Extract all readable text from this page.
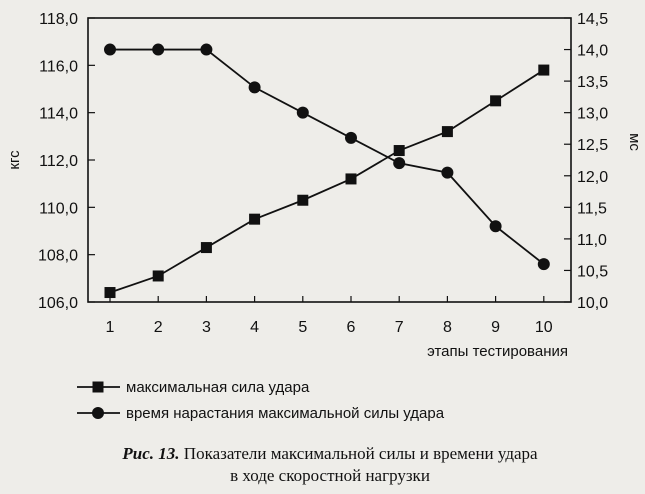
106,0
108,0
110,0
112,0
114,0
116,0
118,0
10,0
10,5
11,0
11,5
12,0
12,5
13,0
13,5
14,0
14,5
1 2 3 4 5 6 7 8 9 10
этапы тестирования
кгс
мс
максимальная сила удара
время нарастания максимальной силы удара
Рис. 13. Показатели максимальной силы и времени удара
в ходе скоростной нагрузки
